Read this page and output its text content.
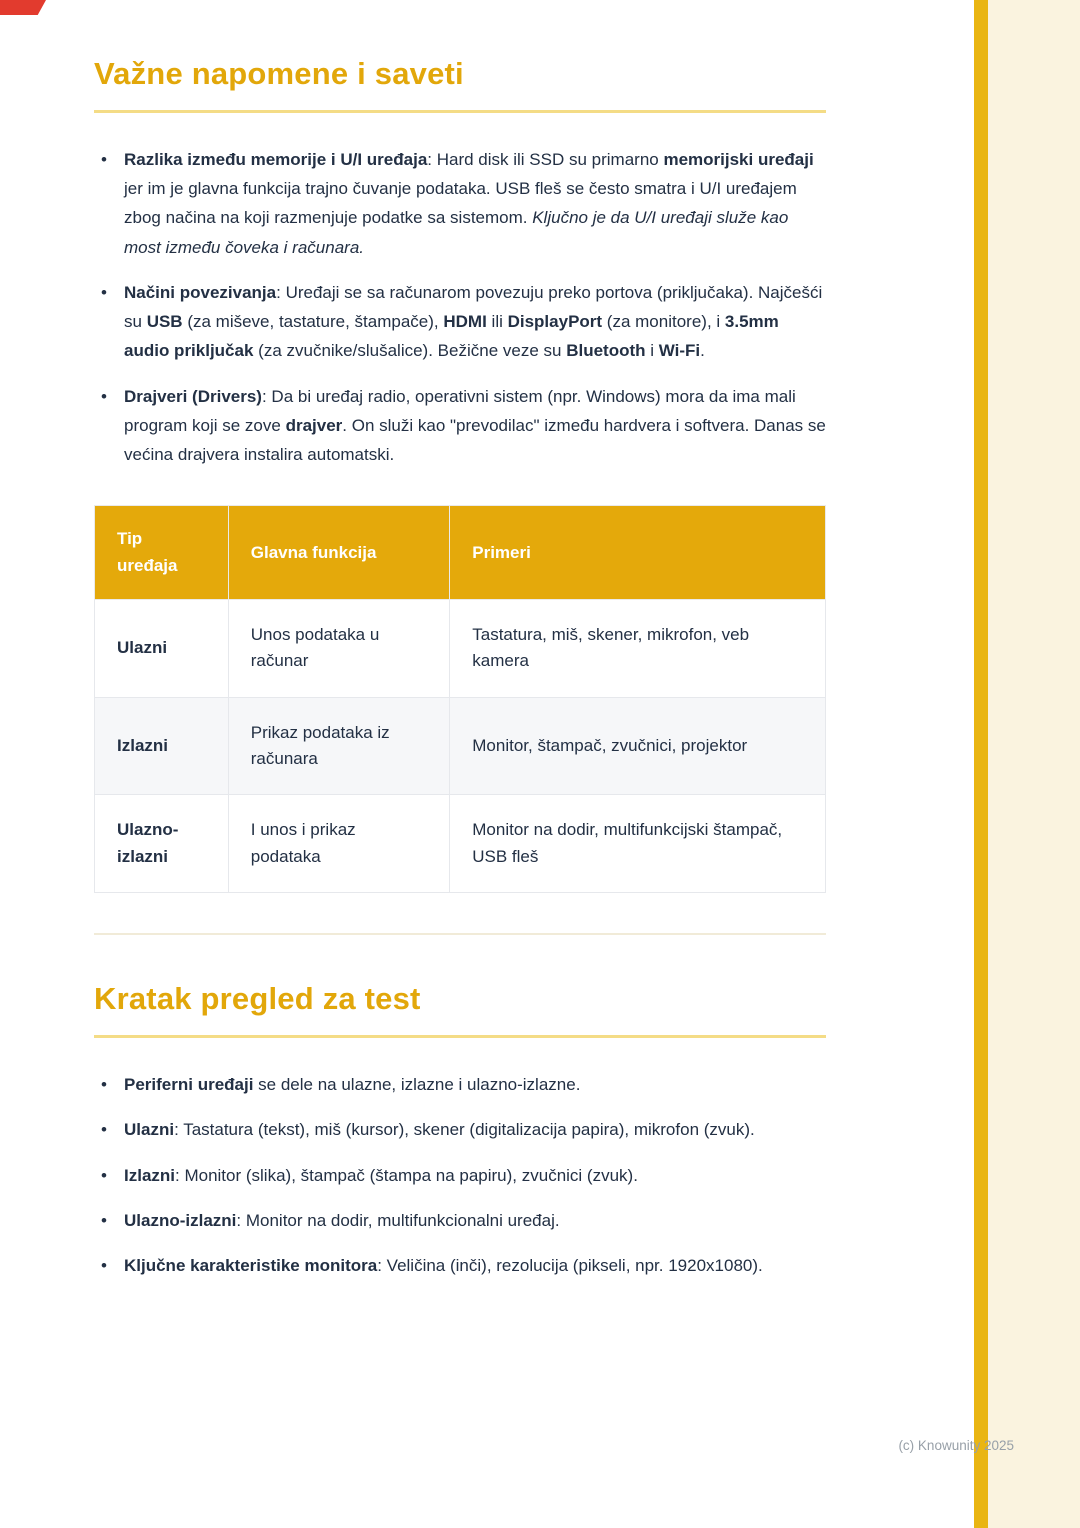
Važne napomene i saveti
• Razlika između memorije i U/I uređaja: Hard disk ili SSD su primarno memorijski uređaji jer im je glavna funkcija trajno čuvanje podataka. USB fleš se često smatra i U/I uređajem zbog načina na koji razmenjuje podatke sa sistemom. Ključno je da U/I uređaji služe kao most između čoveka i računara.
• Načini povezivanja: Uređaji se sa računarom povezuju preko portova (priključaka). Najčešći su USB (za miševe, tastature, štampače), HDMI ili DisplayPort (za monitore), i 3.5mm audio priključak (za zvučnike/slušalice). Bežične veze su Bluetooth i Wi-Fi.
• Drajveri (Drivers): Da bi uređaj radio, operativni sistem (npr. Windows) mora da ima mali program koji se zove drajver. On služi kao "prevodilac" između hardvera i softvera. Danas se većina drajvera instalira automatski.
Tip uređaja	Glavna funkcija	Primeri
Ulazni	Unos podataka u računar	Tastatura, miš, skener, mikrofon, veb kamera
Izlazni	Prikaz podataka iz računara	Monitor, štampač, zvučnici, projektor
Ulazno-izlazni	I unos i prikaz podataka	Monitor na dodir, multifunkcijski štampač, USB fleš
Kratak pregled za test
• Periferni uređaji se dele na ulazne, izlazne i ulazno-izlazne.
• Ulazni: Tastatura (tekst), miš (kursor), skener (digitalizacija papira), mikrofon (zvuk).
• Izlazni: Monitor (slika), štampač (štampa na papiru), zvučnici (zvuk).
• Ulazno-izlazni: Monitor na dodir, multifunkcionalni uređaj.
• Ključne karakteristike monitora: Veličina (inči), rezolucija (pikseli, npr. 1920x1080).
(c) Knowunity 2025
